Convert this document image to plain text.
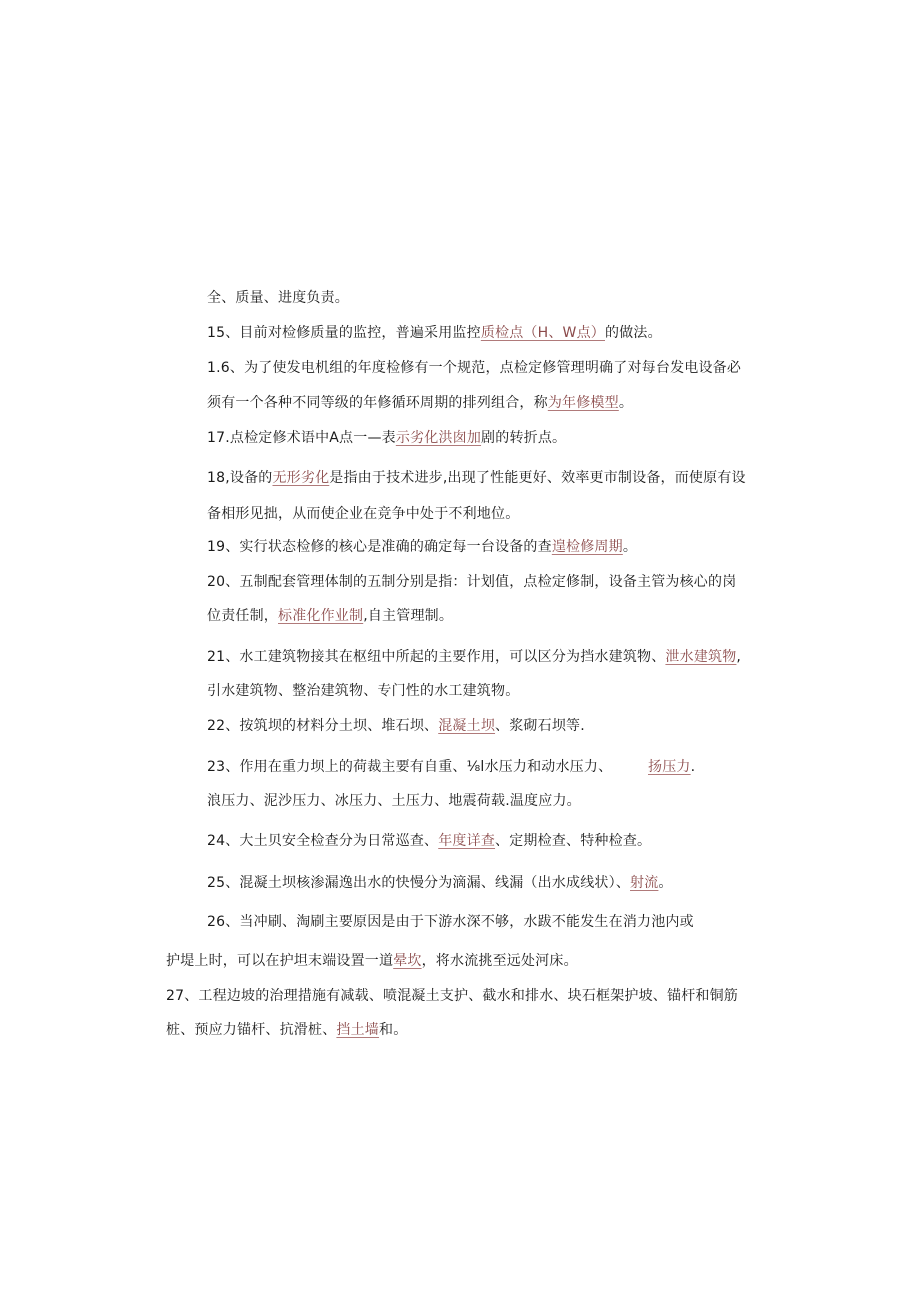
全、质量、进度负责。
15、目前对检修质量的监控，普遍采用监控质检点（H、W点）的做法。
1.6、为了使发电机组的年度检修有一个规范，点检定修管理明确了对每台发电设备必
须有一个各种不同等级的年修循环周期的排列组合，称为年修模型。
17.点检定修术语中A点一—表示劣化洪囱加剧的转折点。
18,设备的无形劣化是指由于技术进步,出现了性能更好、效率更市制设备，而使原有设
备相形见拙，从而使企业在竞争中处于不利地位。
19、实行状态检修的核心是准确的确定每一台设备的查遑检修周期。
20、五制配套管理体制的五制分别是指：计划值，点检定修制，设备主管为核心的岗
位责任制，标准化作业制,自主管理制。
21、水工建筑物接其在枢纽中所起的主要作用，可以区分为挡水建筑物、泄水建筑物,
引水建筑物、整治建筑物、专门性的水工建筑物。
22、按筑坝的材料分土坝、堆石坝、混凝土坝、浆砌石坝等.
23、作用在重力坝上的荷裁主要有自重、⅛l水压力和动水压力、	扬压力.
浪压力、泥沙压力、冰压力、土压力、地震荷载.温度应力。
24、大土贝安全检查分为日常巡查、年度详查、定期检查、特种检查。
25、混凝土坝核渗漏逸出水的快慢分为滴漏、线漏（出水成线状）、射流。
26、当冲刷、淘刷主要原因是由于下游水深不够，水跋不能发生在消力池内或
护堤上时，可以在护坦末端设置一道晕坎，将水流挑至远处河床。
27、工程边坡的治理措施有减载、喷混凝土支护、截水和排水、块石框架护坡、锚杆和铜筋
桩、预应力锚杆、抗滑桩、挡土墙和。
